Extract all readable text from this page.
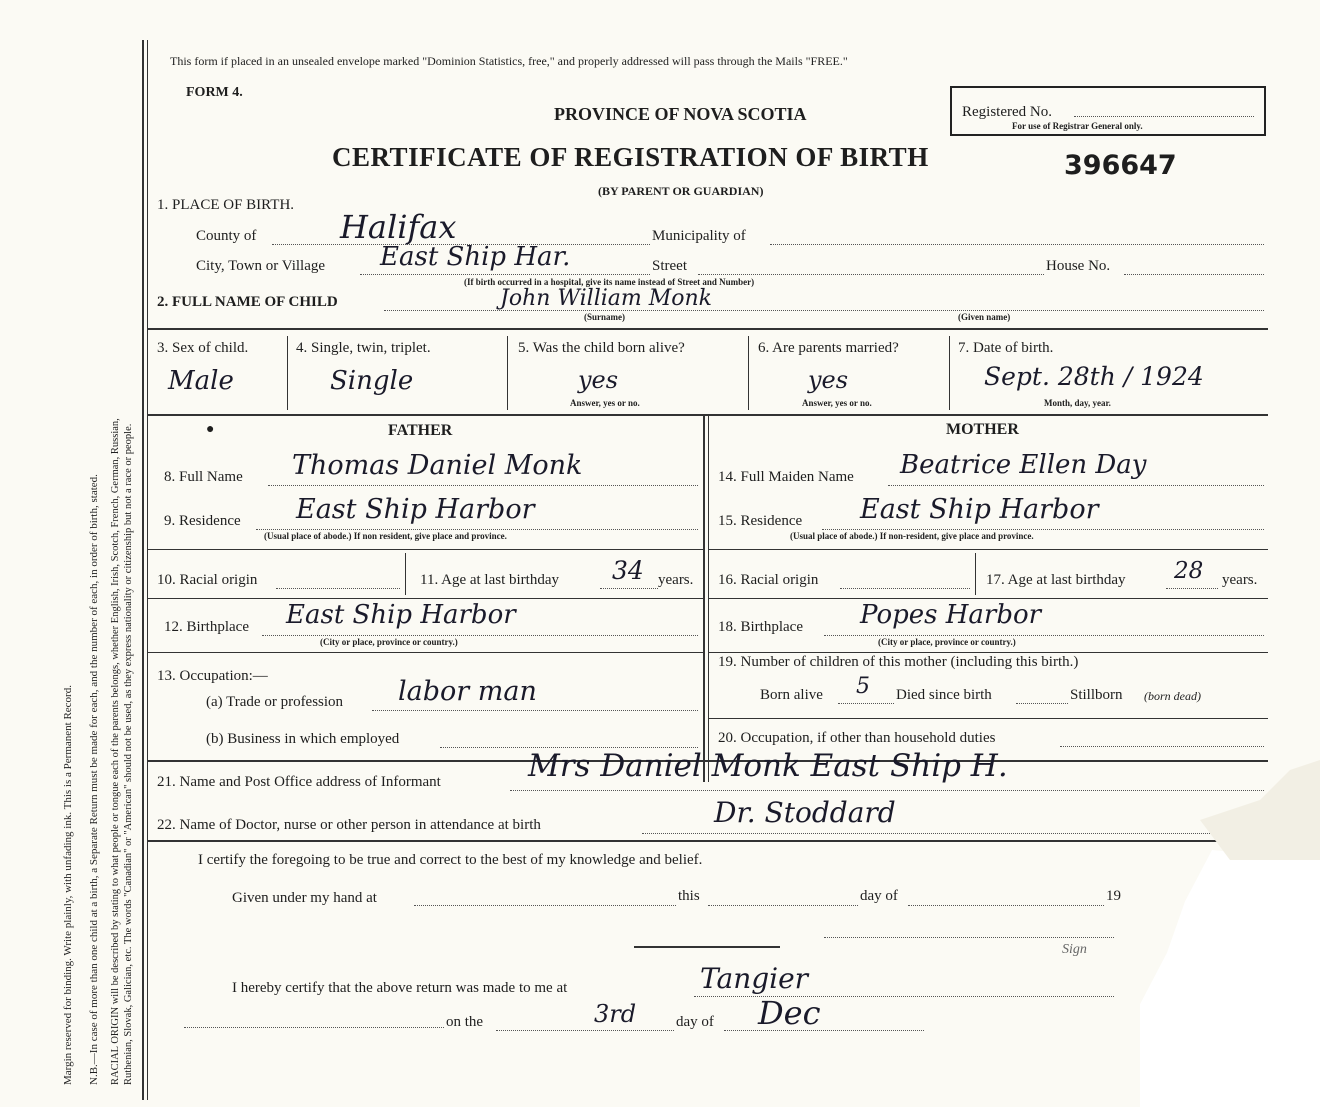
Margin reserved for binding. Write plainly, with unfading ink. This is a Permanent Record. N.B.—In case of more than one child at a birth, a Separate Return must be made for each, and the number of each, in order of birth, stated. RACIAL ORIGIN will be described by stating to what people or tongue each of the parents belongs, whether English, Irish, Scotch, French, German, Russian, Ruthenian, Slovak, Galician, etc. The words "Canadian" or "American" should not be used, as they express nationality or citizenship but not a race or people.
This form if placed in an unsealed envelope marked "Dominion Statistics, free," and properly addressed will pass through the Mails "FREE."
FORM 4.
PROVINCE OF NOVA SCOTIA	Registered No.
For use of Registrar General only.
CERTIFICATE OF REGISTRATION OF BIRTH	396647
(BY PARENT OR GUARDIAN)
1. PLACE OF BIRTH.
County of	Halifax	Municipality of
City, Town or Village East Ship Har.	Street	House No.
(If birth occurred in a hospital, give its name instead of Street and Number)
2. FULL NAME OF CHILD	John William Monk
(Surname)	(Given name)
3. Sex of child.
Male
4. Single, twin, triplet.
Single
5. Was the child born alive?
yes
Answer, yes or no.
6. Are parents married?
yes
Answer, yes or no.
7. Date of birth.
Sept. 28th / 1924
Month, day, year.
FATHER
●
8. Full Name Thomas Daniel Monk
9. Residence East Ship Harbor
(Usual place of abode.) If non resident, give place and province.
10. Racial origin	11. Age at last birthday 34 years.
12. Birthplace East Ship Harbor
(City or place, province or country.)
13. Occupation:—
(a) Trade or profession labor man
(b) Business in which employed
MOTHER
14. Full Maiden Name Beatrice Ellen Day
15. Residence East Ship Harbor
(Usual place of abode.) If non-resident, give place and province.
16. Racial origin	17. Age at last birthday 28 years.
18. Birthplace Popes Harbor
(City or place, province or country.)
19. Number of children of this mother (including this birth.)
Born alive 5 Died since birth	Stillborn (born dead)
20. Occupation, if other than household duties
21. Name and Post Office address of Informant	Mrs Daniel Monk East Ship H.
22. Name of Doctor, nurse or other person in attendance at birth	Dr. Stoddard
I certify the foregoing to be true and correct to the best of my knowledge and belief.
Given under my hand at	this	day of	19
Sign
I hereby certify that the above return was made to me at	Tangier
on the	3rd	day of Dec
